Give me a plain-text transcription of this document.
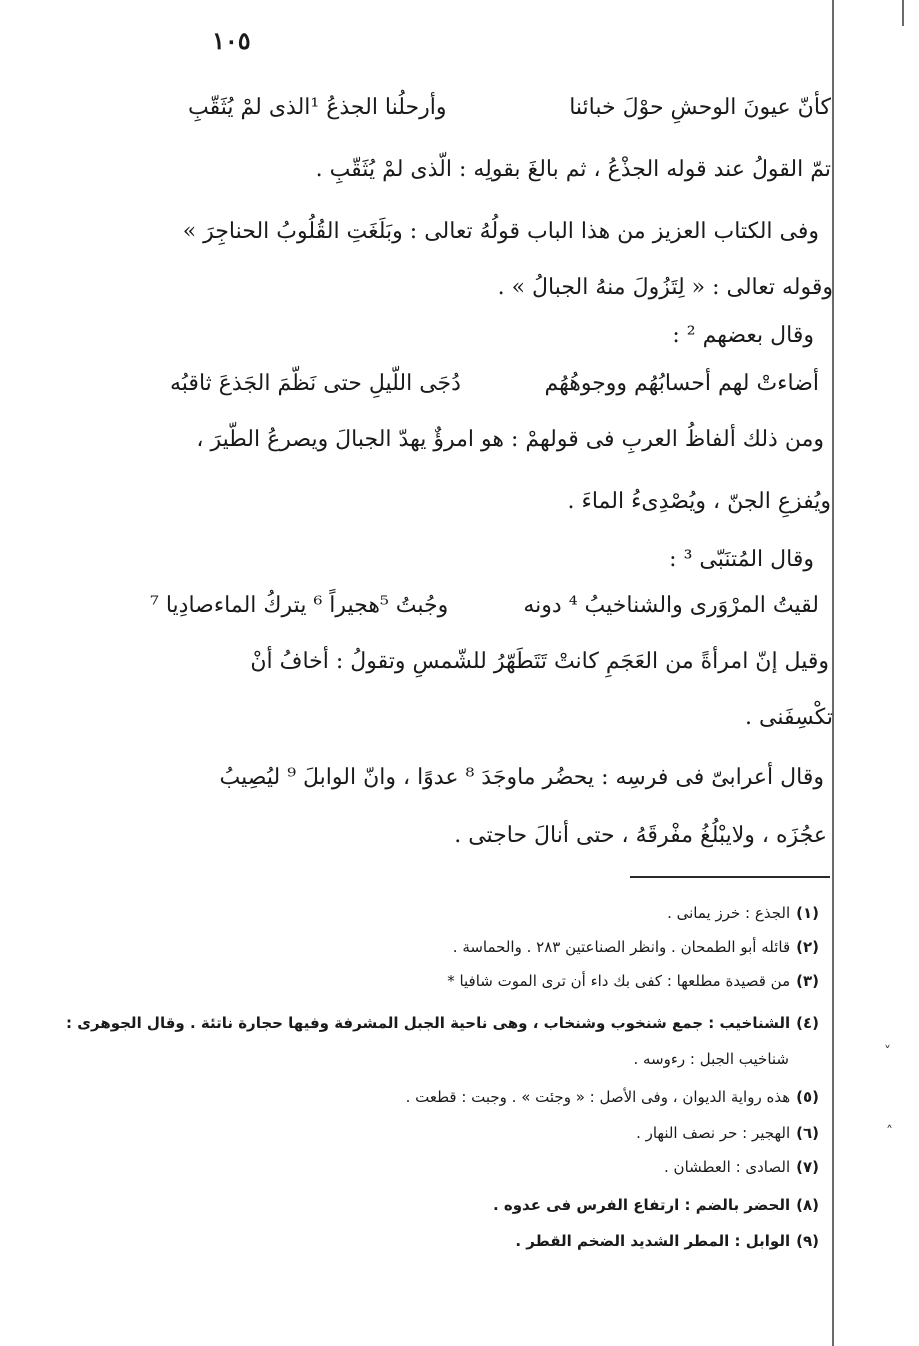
١٠٥
كأنّ عيونَ الوحشِ حوْلَ خبائنا
وأرحلُنا الجذعُ ¹الذى لمْ يُثَقّبِ
تمّ القولُ عند قوله الجذْعُ ، ثم بالغَ بقولِه : الّذى لمْ يُثَقّبِ .
وفى الكتاب العزيز من هذا الباب قولُهُ تعالى : وبَلَغَتِ القُلُوبُ الحناجِرَ »
وقوله تعالى : « لِتَزُولَ منهُ الجبالُ » .
وقال بعضهم ² :
أضاءتْ لهم أحسابُهُم ووجوهُهُم
دُجَى اللّيلِ حتى نَظّمَ الجَذعَ ثاقبُه
ومن ذلك ألفاظُ العربِ فى قولهمْ : هو امرؤٌ يهدّ الجبالَ ويصرعُ الطّيرَ ،
ويُفزعِ الجنّ ، ويُصْدِىءُ الماءَ .
وقال المُتنَبّى ³ :
لقيتُ المرْوَرى والشناخيبُ ⁴ دونه
وجُبتُ ⁵هجيراً ⁶ يتركُ الماءصادِيا ⁷
وقيل إنّ امرأةً من العَجَمِ كانتْ تَتَطَهّرُ للشّمسِ وتقولُ : أخافُ أنْ
تكْسِفَنى .
وقال أعرابىّ فى فرسِه : يحضُر ماوجَدَ ⁸ عدوًا ، وانّ الوابلَ ⁹ ليُصِيبُ
عجُزَه ، ولايبْلُغُ مفْرقَهُ ، حتى أنالَ حاجتى .
(١)الجذع : خرز يمانى .
(٢)قائله أبو الطمحان . وانظر الصناعتين ٢٨٣ . والحماسة .
(٣)من قصيدة مطلعها : كفى بك داء أن ترى الموت شافيا *
(٤)الشناخيب : جمع شنخوب وشنخاب ، وهى ناحية الجبل المشرفة وفيها حجارة ناتئة . وقال الجوهرى :
شناخيب الجبل : رءوسه .
(٥)هذه رواية الديوان ، وفى الأصل : « وجئت » . وجبت : قطعت .
(٦)الهجير : حر نصف النهار .
(٧)الصادى : العطشان .
(٨)الحضر بالضم : ارتفاع الفرس فى عدوه .
(٩)الوابل : المطر الشديد الضخم القطر .
˅
˄
